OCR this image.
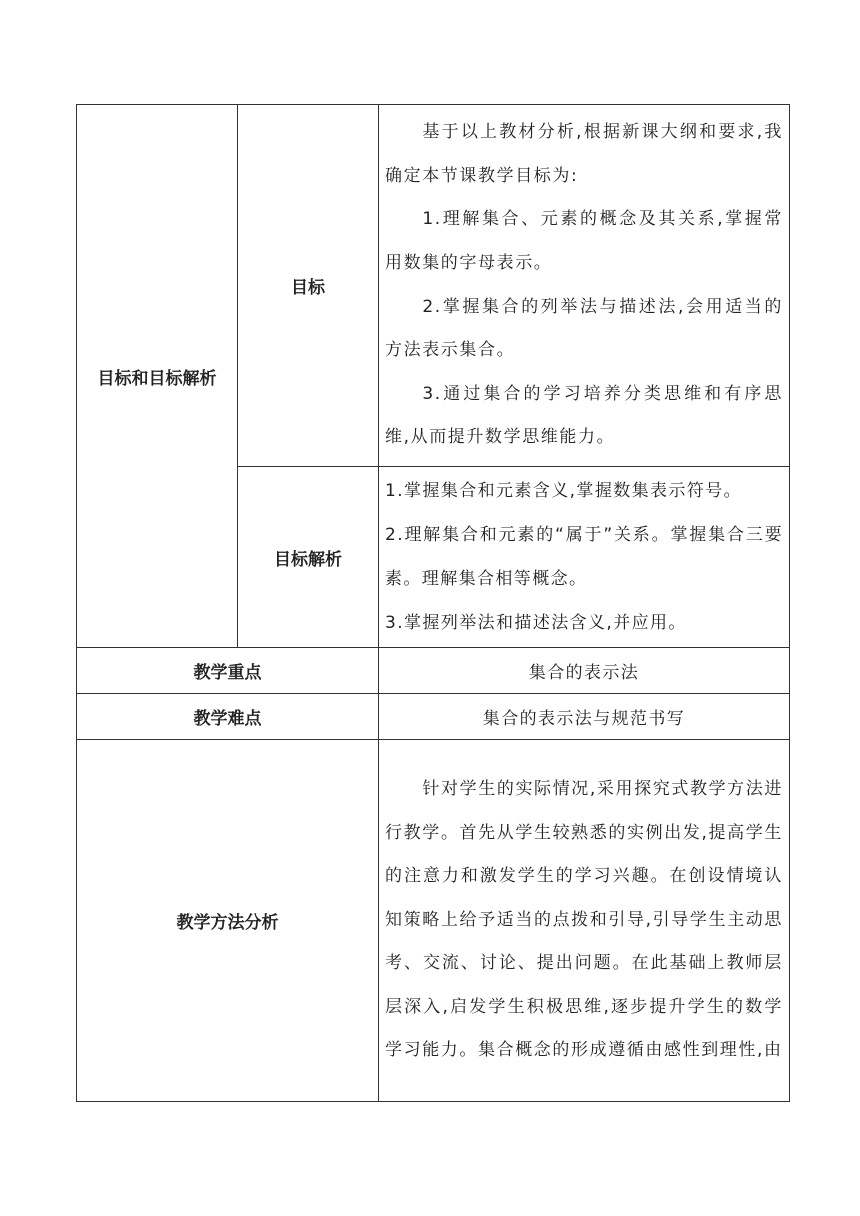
目标和目标解析	目标	基于以上教材分析,根据新课大纲和要求,我确定本节课教学目标为:

1.理解集合、元素的概念及其关系,掌握常用数集的字母表示。

2.掌握集合的列举法与描述法,会用适当的方法表示集合。

3.通过集合的学习培养分类思维和有序思维,从而提升数学思维能力。

	目标解析	1.掌握集合和元素含义,掌握数集表示符号。

2.理解集合和元素的“属于”关系。掌握集合三要素。理解集合相等概念。

3.掌握列举法和描述法含义,并应用。

教学重点		集合的表示法
教学难点		集合的表示法与规范书写
教学方法分析		针对学生的实际情况,采用探究式教学方法进行教学。首先从学生较熟悉的实例出发,提高学生的注意力和激发学生的学习兴趣。在创设情境认知策略上给予适当的点拨和引导,引导学生主动思考、交流、讨论、提出问题。在此基础上教师层层深入,启发学生积极思维,逐步提升学生的数学学习能力。集合概念的形成遵循由感性到理性,由
